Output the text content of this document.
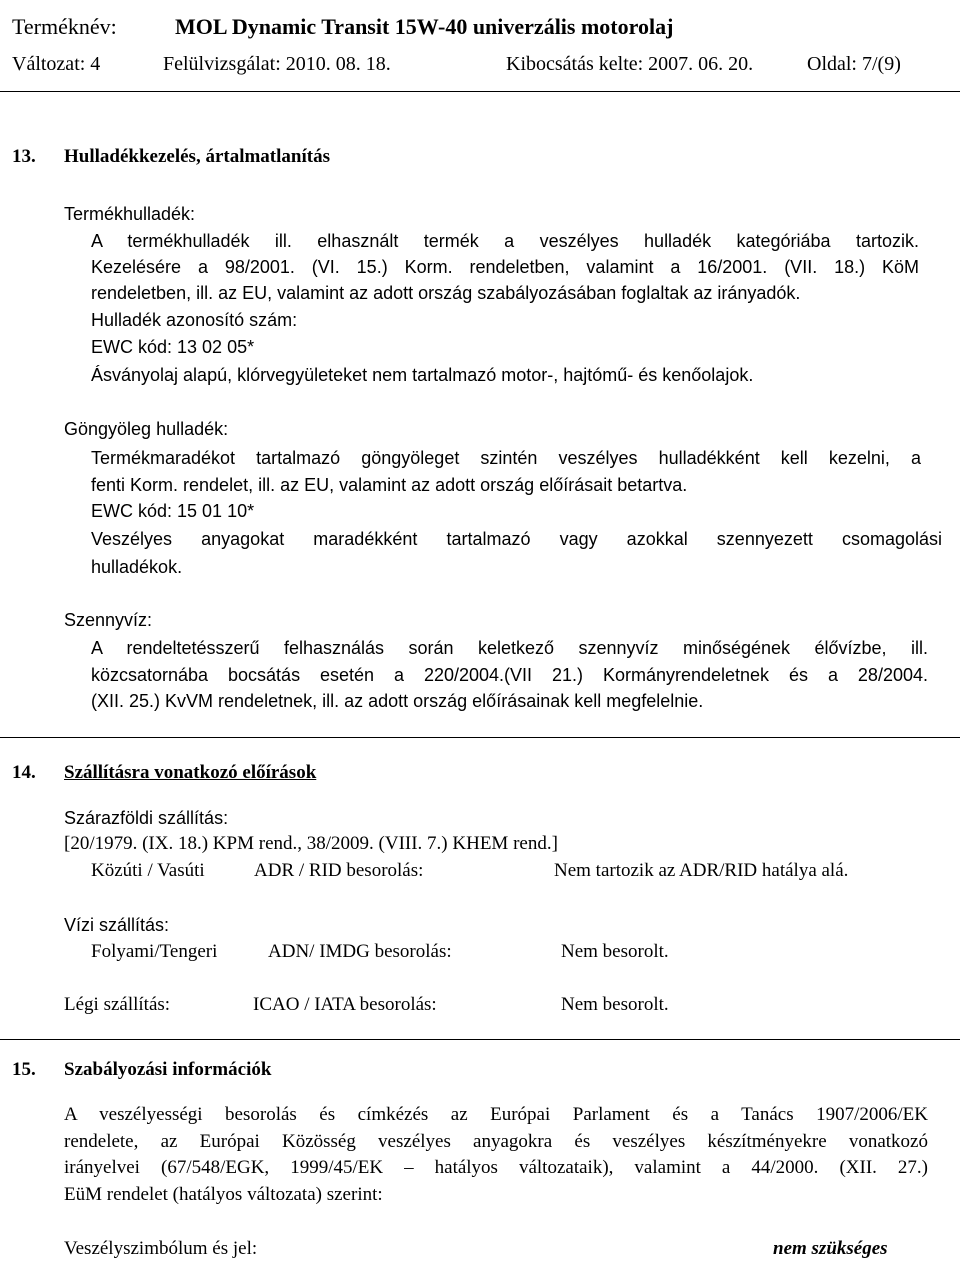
Terméknév:	MOL Dynamic Transit 15W-40 univerzális motorolaj
Változat: 4	Felülvizsgálat: 2010. 08. 18.	Kibocsátás kelte: 2007. 06. 20.	Oldal: 7/(9)
13. Hulladékkezelés, ártalmatlanítás
Termékhulladék:
A termékhulladék ill. elhasznált termék a veszélyes hulladék kategóriába tartozik.
Kezelésére a 98/2001. (VI. 15.) Korm. rendeletben, valamint a 16/2001. (VII. 18.) KöM
rendeletben, ill. az EU, valamint az adott ország szabályozásában foglaltak az irányadók.
Hulladék azonosító szám:
EWC kód: 13 02 05*
Ásványolaj alapú, klórvegyületeket nem tartalmazó motor-, hajtómű- és kenőolajok.
Göngyöleg hulladék:
Termékmaradékot tartalmazó göngyöleget szintén veszélyes hulladékként kell kezelni, a
fenti Korm. rendelet, ill. az EU, valamint az adott ország előírásait betartva.
EWC kód: 15 01 10*
Veszélyes anyagokat maradékként tartalmazó vagy azokkal szennyezett csomagolási
hulladékok.
Szennyvíz:
A rendeltetésszerű felhasználás során keletkező szennyvíz minőségének élővízbe, ill.
közcsatornába bocsátás esetén a 220/2004.(VII 21.) Kormányrendeletnek és a 28/2004.
(XII. 25.) KvVM rendeletnek, ill. az adott ország előírásainak kell megfelelnie.
14. Szállításra vonatkozó előírások
Szárazföldi szállítás:
[20/1979. (IX. 18.) KPM rend., 38/2009. (VIII. 7.) KHEM rend.]
Közúti / Vasúti	ADR / RID besorolás:	Nem tartozik az ADR/RID hatálya alá.
Vízi szállítás:
Folyami/Tengeri	ADN/ IMDG besorolás:	Nem besorolt.
Légi szállítás:	ICAO / IATA besorolás:	Nem besorolt.
15. Szabályozási információk
A veszélyességi besorolás és címkézés az Európai Parlament és a Tanács 1907/2006/EK
rendelete, az Európai Közösség veszélyes anyagokra és veszélyes készítményekre vonatkozó
irányelvei (67/548/EGK, 1999/45/EK – hatályos változataik), valamint a 44/2000. (XII. 27.)
EüM rendelet (hatályos változata) szerint:
Veszélyszimbólum és jel:	nem szükséges
